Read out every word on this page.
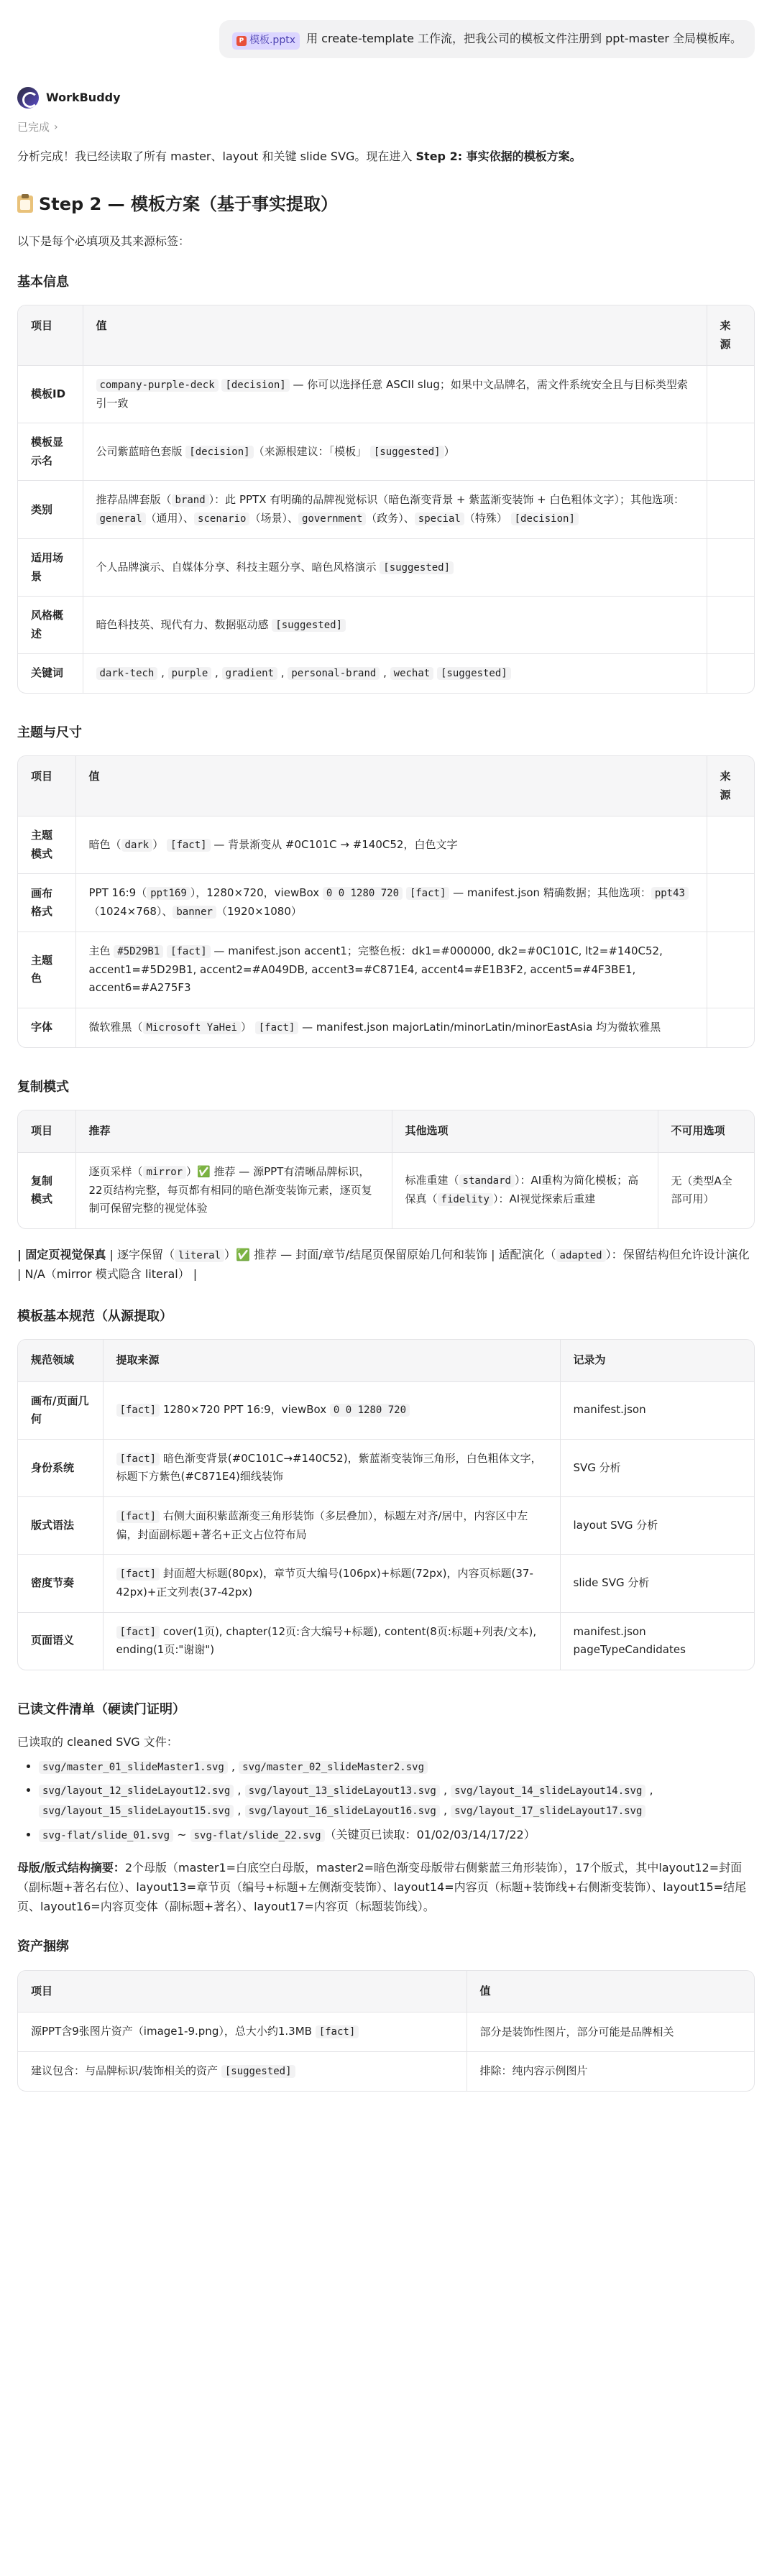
P 模板.pptx 用 create-template 工作流，把我公司的模板文件注册到 ppt-master 全局模板库。
WorkBuddy
已完成 ›

分析完成！我已经读取了所有 master、layout 和关键 slide SVG。现在进入 Step 2: 事实依据的模板方案。

Step 2 — 模板方案（基于事实提取）

以下是每个必填项及其来源标签：

基本信息
项目	值	来源
模板ID	company-purple-deck [decision] — 你可以选择任意 ASCII slug；如果中文品牌名，需文件系统安全且与目标类型索引一致	
模板显示名	公司紫蓝暗色套版 [decision] （来源根建议：「模板」 [suggested] ）	
类别	推荐品牌套版（ brand ）：此 PPTX 有明确的品牌视觉标识（暗色渐变背景 + 紫蓝渐变装饰 + 白色粗体文字）；其他选项：general （通用）、 scenario （场景）、 government （政务）、 special （特殊） [decision]	
适用场景	个人品牌演示、自媒体分享、科技主题分享、暗色风格演示 [suggested]	
风格概述	暗色科技英、现代有力、数据驱动感 [suggested]	
关键词	dark-tech , purple , gradient , personal-brand , wechat [suggested]	
主题与尺寸
项目	值	来源
主题模式	暗色（ dark ） [fact] — 背景渐变从 #0C101C → #140C52，白色文字	
画布格式	PPT 16:9（ ppt169 ），1280×720，viewBox 0 0 1280 720 [fact] — manifest.json 精确数据；其他选项： ppt43（1024×768）、 banner （1920×1080）	
主题色	主色 #5D29B1 [fact] — manifest.json accent1；完整色板：dk1=#000000, dk2=#0C101C, lt2=#140C52, accent1=#5D29B1, accent2=#A049DB, accent3=#C871E4, accent4=#E1B3F2, accent5=#4F3BE1, accent6=#A275F3	
字体	微软雅黑（ Microsoft YaHei ） [fact] — manifest.json majorLatin/minorLatin/minorEastAsia 均为微软雅黑	
复制模式
项目	推荐	其他选项	不可用选项
复制模式	逐页采样（ mirror ）✅ 推荐 — 源PPT有清晰品牌标识，22页结构完整，每页都有相同的暗色渐变装饰元素，逐页复制可保留完整的视觉体验	标准重建（ standard ）：AI重构为简化模板；高保真（ fidelity ）：AI视觉探索后重建	无（类型A全部可用）
| 固定页视觉保真 | 逐字保留（ literal ）✅ 推荐 — 封面/章节/结尾页保留原始几何和装饰 | 适配演化（ adapted ）：保留结构但允许设计演化 | N/A（mirror 模式隐含 literal） |
模板基本规范（从源提取）
规范领域	提取来源	记录为
画布/页面几何	[fact] 1280×720 PPT 16:9，viewBox 0 0 1280 720	manifest.json
身份系统	[fact] 暗色渐变背景(#0C101C→#140C52)，紫蓝渐变装饰三角形，白色粗体文字，标题下方紫色(#C871E4)细线装饰	SVG 分析
版式语法	[fact] 右侧大面积紫蓝渐变三角形装饰（多层叠加），标题左对齐/居中，内容区中左偏，封面副标题+著名+正文占位符布局	layout SVG 分析
密度节奏	[fact] 封面超大标题(80px)，章节页大编号(106px)+标题(72px)，内容页标题(37-42px)+正文列表(37-42px)	slide SVG 分析
页面语义	[fact] cover(1页), chapter(12页:含大编号+标题), content(8页:标题+列表/文本), ending(1页:"谢谢")	manifest.json pageTypeCandidates
已读文件清单（硬读门证明）

已读取的 cleaned SVG 文件：

• svg/master_01_slideMaster1.svg , svg/master_02_slideMaster2.svg
• svg/layout_12_slideLayout12.svg , svg/layout_13_slideLayout13.svg , svg/layout_14_slideLayout14.svg , svg/layout_15_slideLayout15.svg , svg/layout_16_slideLayout16.svg , svg/layout_17_slideLayout17.svg
• svg-flat/slide_01.svg ~ svg-flat/slide_22.svg （关键页已读取：01/02/03/14/17/22）

母版/版式结构摘要：2个母版（master1=白底空白母版，master2=暗色渐变母版带右侧紫蓝三角形装饰），17个版式，其中layout12=封面（副标题+著名右位）、layout13=章节页（编号+标题+左侧渐变装饰）、layout14=内容页（标题+装饰线+右侧渐变装饰）、layout15=结尾页、layout16=内容页变体（副标题+著名）、layout17=内容页（标题装饰线）。

资产捆绑
项目	值
源PPT含9张图片资产（image1-9.png），总大小约1.3MB [fact]	部分是装饰性图片，部分可能是品牌相关
建议包含：与品牌标识/装饰相关的资产 [suggested]	排除：纯内容示例图片
